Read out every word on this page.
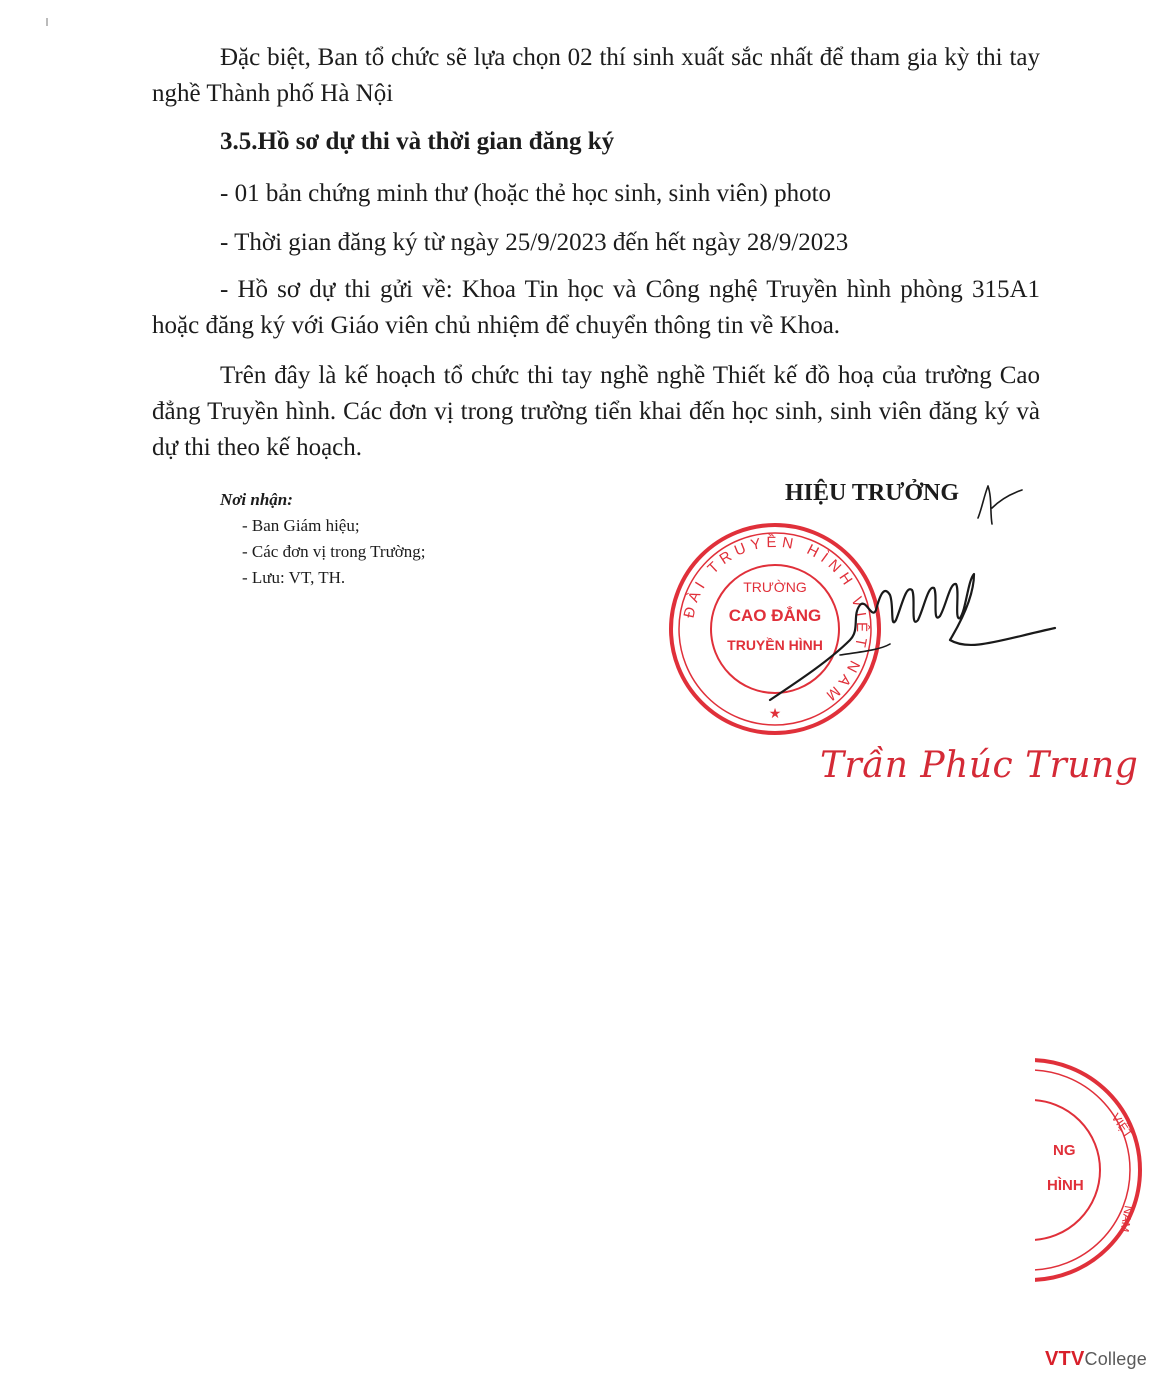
Đặc biệt, Ban tổ chức sẽ lựa chọn 02 thí sinh xuất sắc nhất để tham gia kỳ thi tay nghề Thành phố Hà Nội

3.5.Hồ sơ dự thi và thời gian đăng ký

- 01 bản chứng minh thư (hoặc thẻ học sinh, sinh viên) photo

- Thời gian đăng ký từ ngày 25/9/2023 đến hết ngày 28/9/2023

- Hồ sơ dự thi gửi về: Khoa Tin học và Công nghệ Truyền hình phòng 315A1 hoặc đăng ký với Giáo viên chủ nhiệm để chuyển thông tin về Khoa.

Trên đây là kế hoạch tổ chức thi tay nghề nghề Thiết kế đồ hoạ của trường Cao đẳng Truyền hình. Các đơn vị trong trường tiển khai đến học sinh, sinh viên đăng ký và dự thi theo kế hoạch.

Nơi nhận:
- Ban Giám hiệu;
- Các đơn vị trong Trường;
- Lưu: VT, TH.
HIỆU TRƯỞNG
ĐÀI TRUYỀN HÌNH VIỆT NAM
TRƯỜNG
CAO ĐẲNG
TRUYỀN HÌNH
★
Trần Phúc Trung
NG
HÌNH
VIỆT
NAM
VTVCollege
